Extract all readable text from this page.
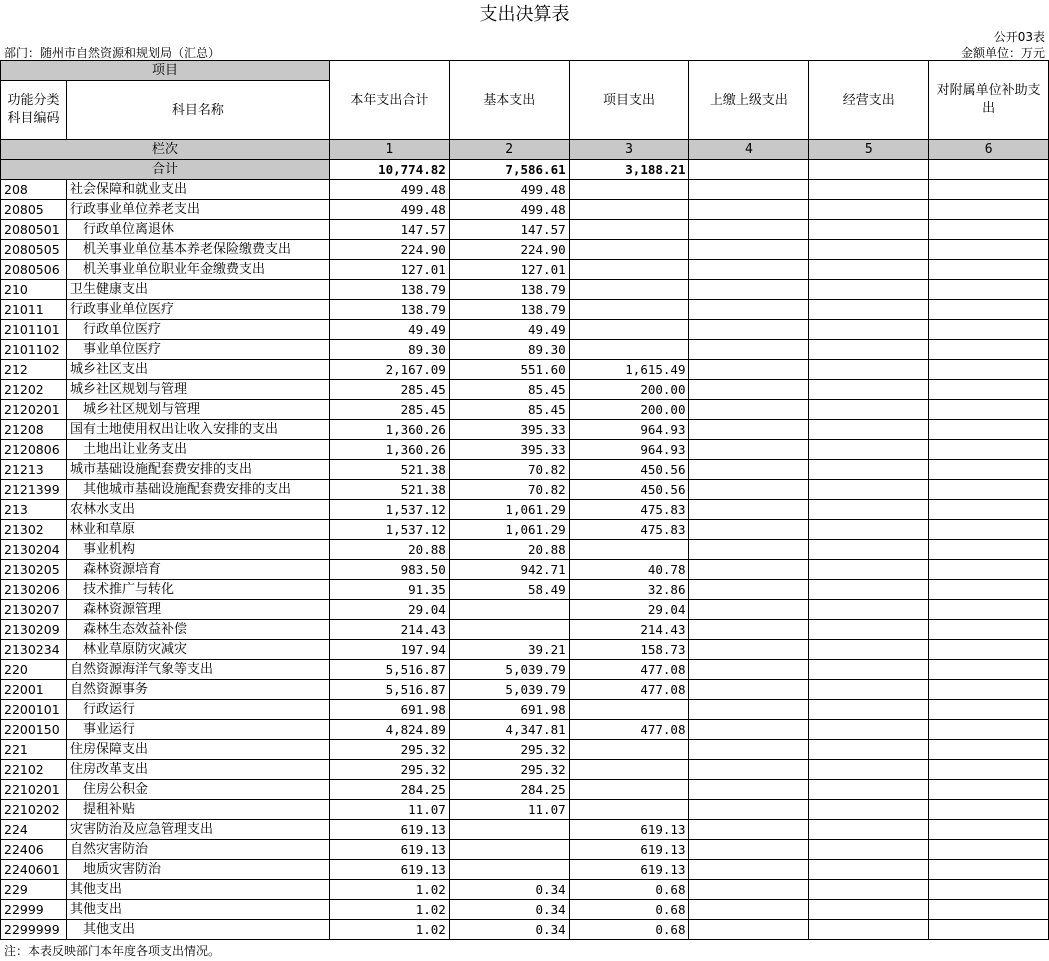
支出决算表
公开03表
部门：随州市自然资源和规划局（汇总）	金额单位：万元
项目		本年支出合计	基本支出	项目支出	上缴上级支出	经营支出	对附属单位补助支出
功能分类科目编码	科目名称						

栏次		1	2	3	4	5	6
合计		10,774.82	7,586.61	3,188.21			
208	社会保障和就业支出	499.48	499.48				
20805	行政事业单位养老支出	499.48	499.48				
2080501	行政单位离退休	147.57	147.57				
2080505	机关事业单位基本养老保险缴费支出	224.90	224.90				
2080506	机关事业单位职业年金缴费支出	127.01	127.01				
210	卫生健康支出	138.79	138.79				
21011	行政事业单位医疗	138.79	138.79				
2101101	行政单位医疗	49.49	49.49				
2101102	事业单位医疗	89.30	89.30				
212	城乡社区支出	2,167.09	551.60	1,615.49			
21202	城乡社区规划与管理	285.45	85.45	200.00			
2120201	城乡社区规划与管理	285.45	85.45	200.00			
21208	国有土地使用权出让收入安排的支出	1,360.26	395.33	964.93			
2120806	土地出让业务支出	1,360.26	395.33	964.93			
21213	城市基础设施配套费安排的支出	521.38	70.82	450.56			
2121399	其他城市基础设施配套费安排的支出	521.38	70.82	450.56			
213	农林水支出	1,537.12	1,061.29	475.83			
21302	林业和草原	1,537.12	1,061.29	475.83			
2130204	事业机构	20.88	20.88				
2130205	森林资源培育	983.50	942.71	40.78			
2130206	技术推广与转化	91.35	58.49	32.86			
2130207	森林资源管理	29.04		29.04			
2130209	森林生态效益补偿	214.43		214.43			
2130234	林业草原防灾减灾	197.94	39.21	158.73			
220	自然资源海洋气象等支出	5,516.87	5,039.79	477.08			
22001	自然资源事务	5,516.87	5,039.79	477.08			
2200101	行政运行	691.98	691.98				
2200150	事业运行	4,824.89	4,347.81	477.08			
221	住房保障支出	295.32	295.32				
22102	住房改革支出	295.32	295.32				
2210201	住房公积金	284.25	284.25				
2210202	提租补贴	11.07	11.07				
224	灾害防治及应急管理支出	619.13		619.13			
22406	自然灾害防治	619.13		619.13			
2240601	地质灾害防治	619.13		619.13			
229	其他支出	1.02	0.34	0.68			
22999	其他支出	1.02	0.34	0.68			
2299999	其他支出	1.02	0.34	0.68			
注：本表反映部门本年度各项支出情况。
